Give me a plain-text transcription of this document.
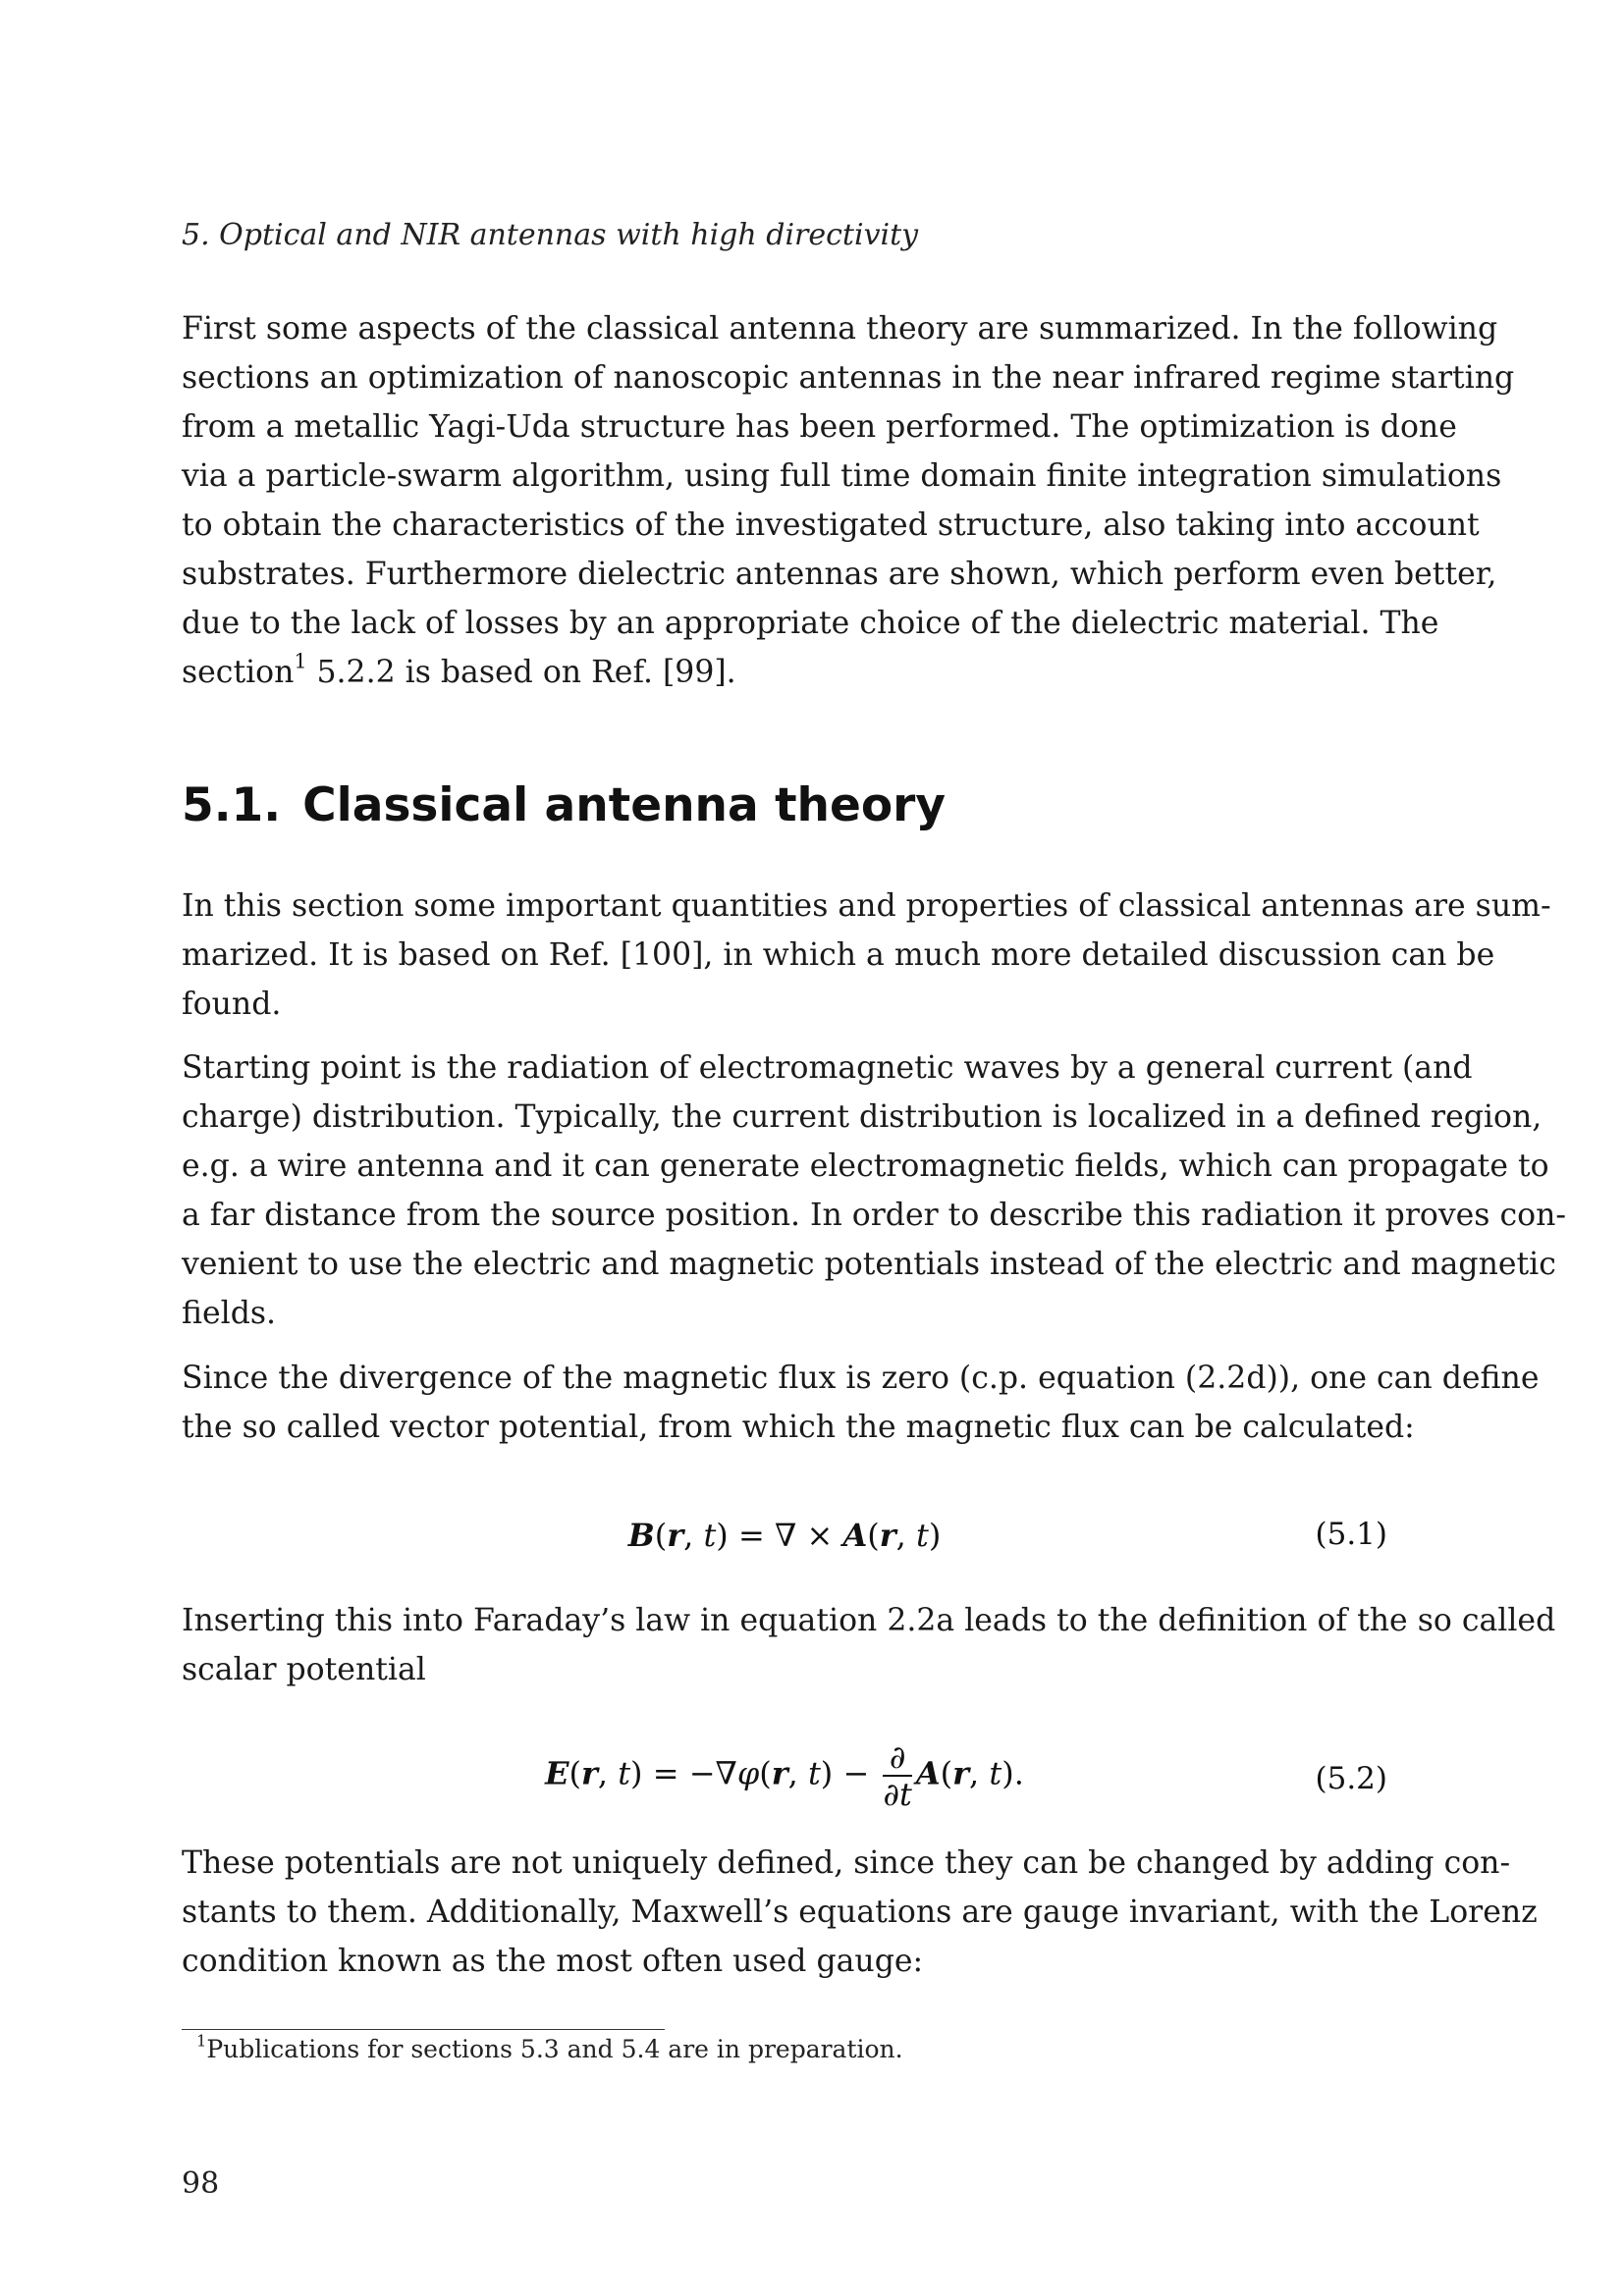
5. Optical and NIR antennas with high directivity
First some aspects of the classical antenna theory are summarized. In the following
sections an optimization of nanoscopic antennas in the near infrared regime starting
from a metallic Yagi-Uda structure has been performed. The optimization is done
via a particle-swarm algorithm, using full time domain finite integration simulations
to obtain the characteristics of the investigated structure, also taking into account
substrates. Furthermore dielectric antennas are shown, which perform even better,
due to the lack of losses by an appropriate choice of the dielectric material. The
section$^1$ 5.2.2 is based on Ref. [99].
5.1. Classical antenna theory
In this section some important quantities and properties of classical antennas are sum-
marized. It is based on Ref. [100], in which a much more detailed discussion can be
found.
Starting point is the radiation of electromagnetic waves by a general current (and
charge) distribution. Typically, the current distribution is localized in a defined region,
e.g. a wire antenna and it can generate electromagnetic fields, which can propagate to
a far distance from the source position. In order to describe this radiation it proves con-
venient to use the electric and magnetic potentials instead of the electric and magnetic
fields.
Since the divergence of the magnetic flux is zero (c.p. equation (2.2d)), one can define
the so called vector potential, from which the magnetic flux can be calculated:
B(r, t) = ∇ × A(r, t)	(5.1)
Inserting this into Faraday’s law in equation 2.2a leads to the definition of the so called
scalar potential
E(r, t) = −∇φ(r, $t) - \frac{\partial}{\partial t} A(r$, t).	(5.2)
These potentials are not uniquely defined, since they can be changed by adding con-
stants to them. Additionally, Maxwell’s equations are gauge invariant, with the Lorenz
condition known as the most often used gauge:
$^1$Publications for sections 5.3 and 5.4 are in preparation.
98
